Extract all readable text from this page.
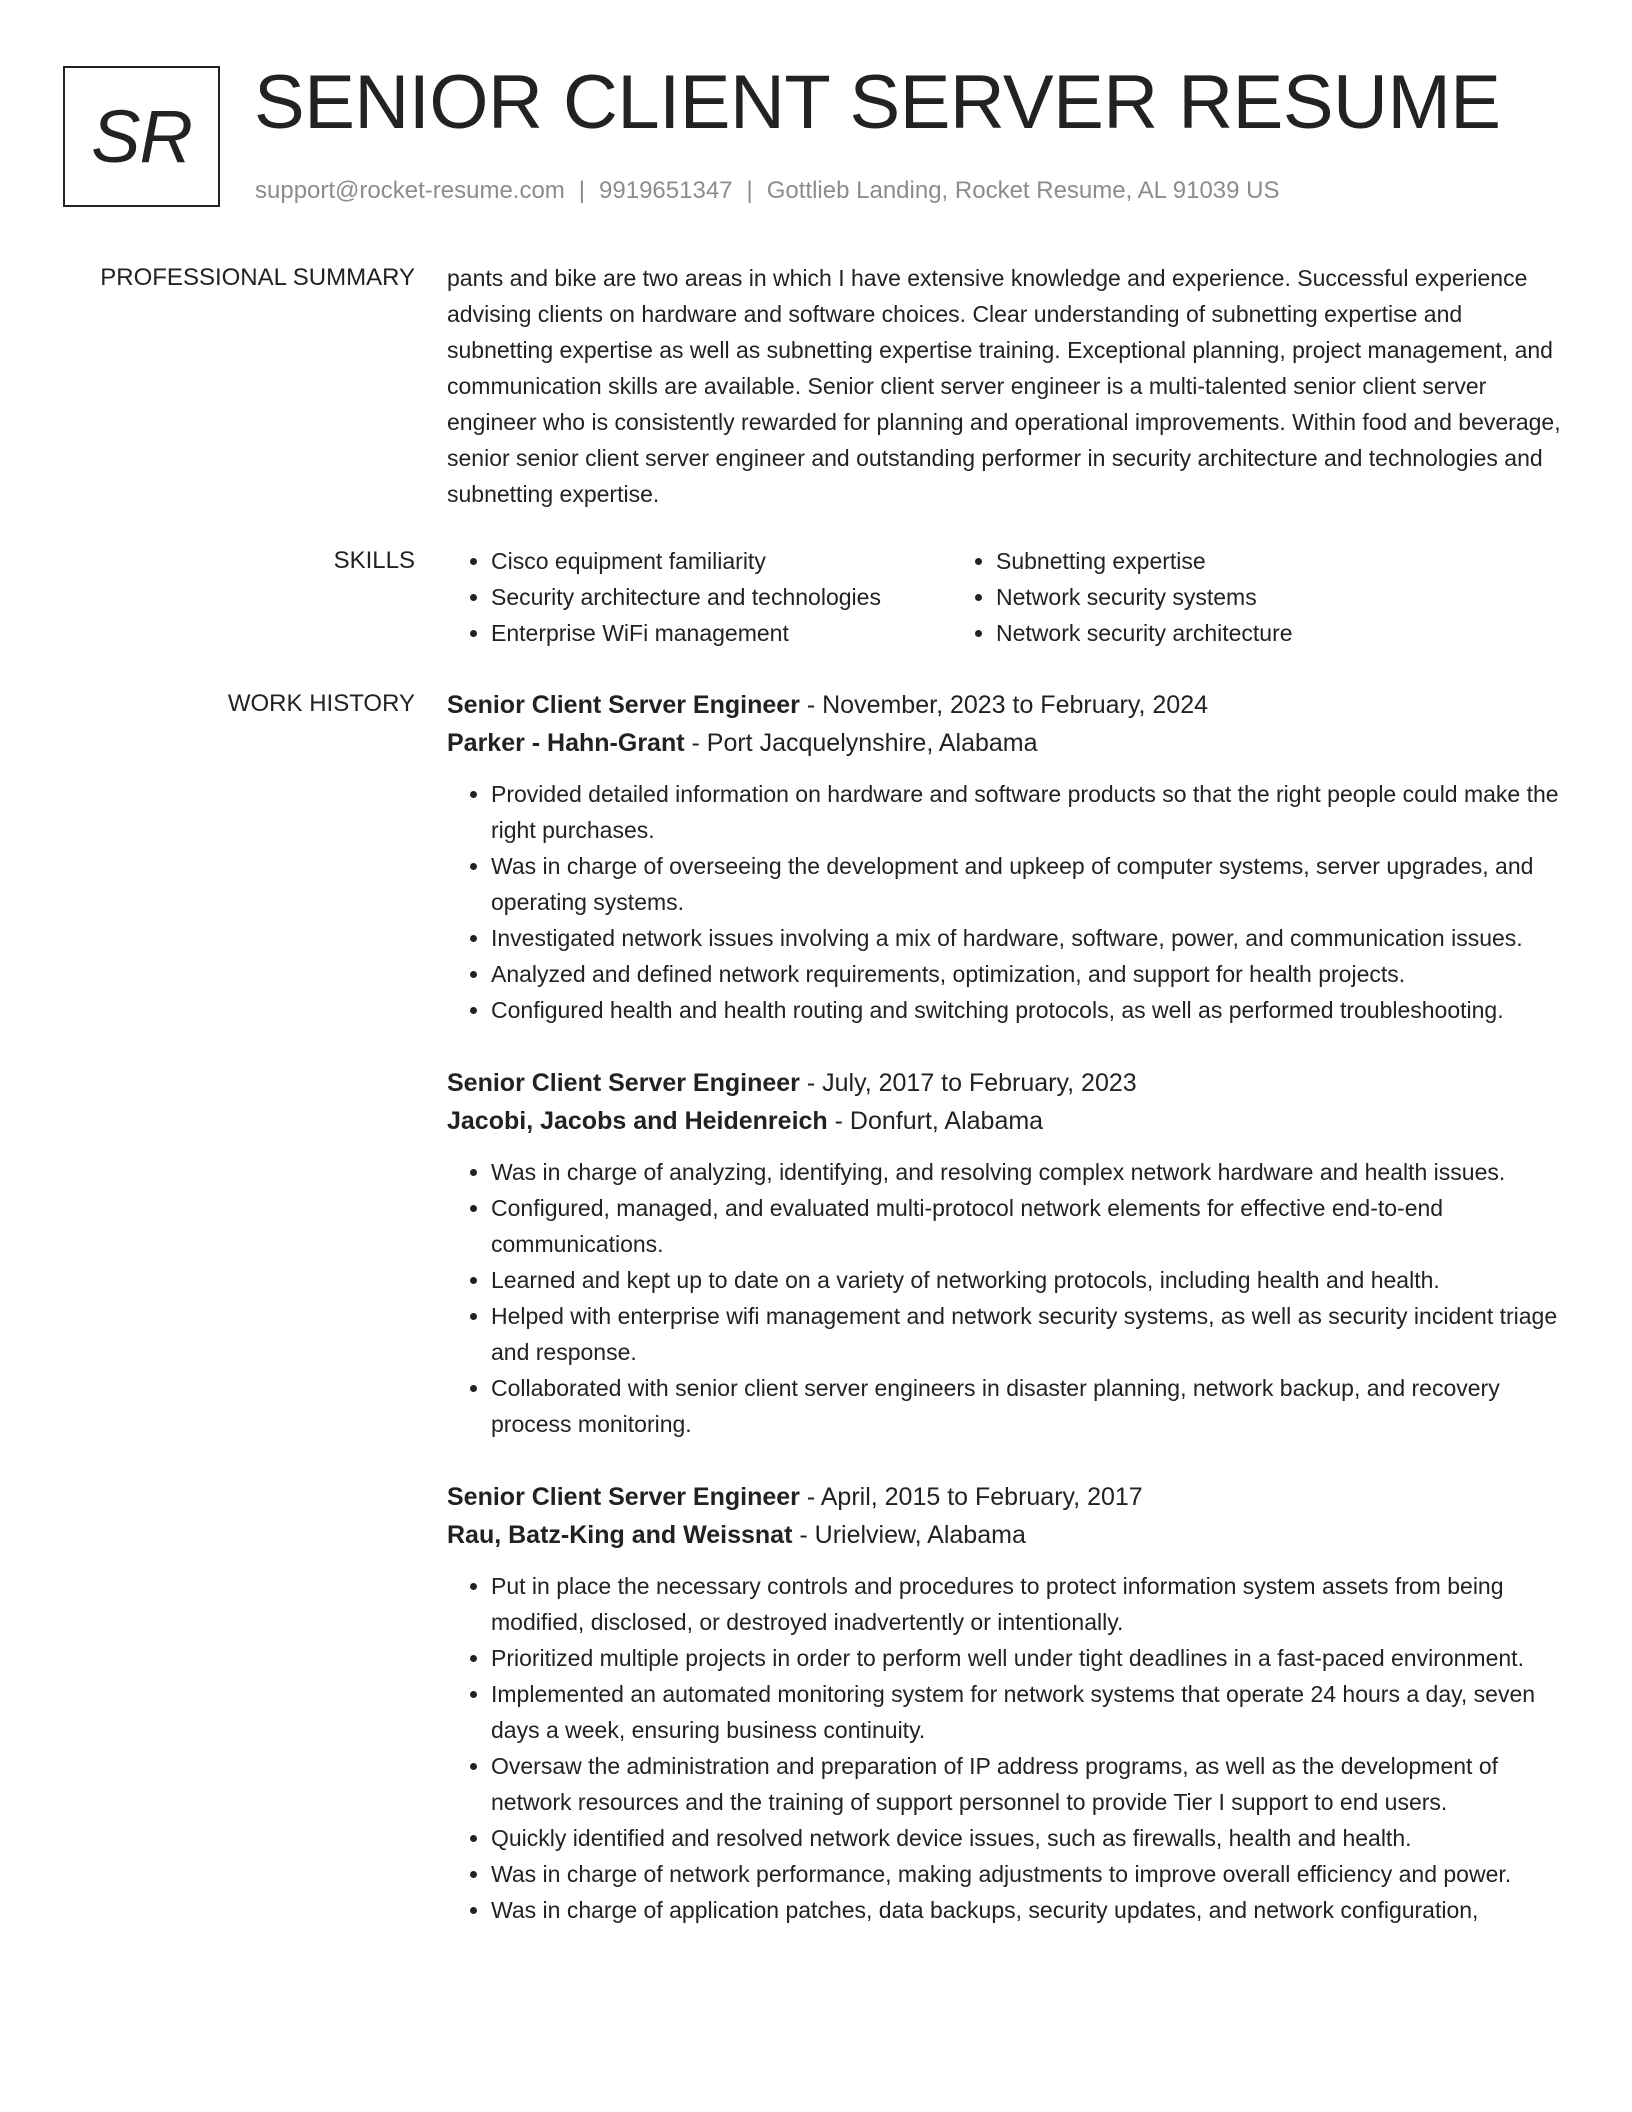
SR SENIOR CLIENT SERVER RESUME
support@rocket-resume.com | 9919651347 | Gottlieb Landing, Rocket Resume, AL 91039 US
PROFESSIONAL SUMMARY pants and bike are two areas in which I have extensive knowledge and experience. Successful experience advising clients on hardware and software choices. Clear understanding of subnetting expertise and subnetting expertise as well as subnetting expertise training. Exceptional planning, project management, and communication skills are available. Senior client server engineer is a multi-talented senior client server engineer who is consistently rewarded for planning and operational improvements. Within food and beverage, senior senior client server engineer and outstanding performer in security architecture and technologies and subnetting expertise.

SKILLS
•	Cisco equipment familiarity
• Security architecture and technologies
• Enterprise WiFi management
• Subnetting expertise
• Network security systems
• Network security architecture
WORK HISTORY Senior Client Server Engineer - November, 2023 to February, 2024
Parker - Hahn-Grant - Port Jacquelynshire, Alabama
• Provided detailed information on hardware and software products so that the right people could make the right purchases.
• Was in charge of overseeing the development and upkeep of computer systems, server upgrades, and operating systems.
• Investigated network issues involving a mix of hardware, software, power, and communication issues.
• Analyzed and defined network requirements, optimization, and support for health projects.
• Configured health and health routing and switching protocols, as well as performed troubleshooting.
Senior Client Server Engineer - July, 2017 to February, 2023
Jacobi, Jacobs and Heidenreich - Donfurt, Alabama
• Was in charge of analyzing, identifying, and resolving complex network hardware and health issues.
• Configured, managed, and evaluated multi-protocol network elements for effective end-to-end communications.
• Learned and kept up to date on a variety of networking protocols, including health and health.
• Helped with enterprise wifi management and network security systems, as well as security incident triage and response.
• Collaborated with senior client server engineers in disaster planning, network backup, and recovery process monitoring.
Senior Client Server Engineer - April, 2015 to February, 2017
Rau, Batz-King and Weissnat - Urielview, Alabama
• Put in place the necessary controls and procedures to protect information system assets from being modified, disclosed, or destroyed inadvertently or intentionally.
• Prioritized multiple projects in order to perform well under tight deadlines in a fast-paced environment.
• Implemented an automated monitoring system for network systems that operate 24 hours a day, seven days a week, ensuring business continuity.
• Oversaw the administration and preparation of IP address programs, as well as the development of network resources and the training of support personnel to provide Tier I support to end users.
• Quickly identified and resolved network device issues, such as firewalls, health and health.
• Was in charge of network performance, making adjustments to improve overall efficiency and power.
• Was in charge of application patches, data backups, security updates, and network configuration,
